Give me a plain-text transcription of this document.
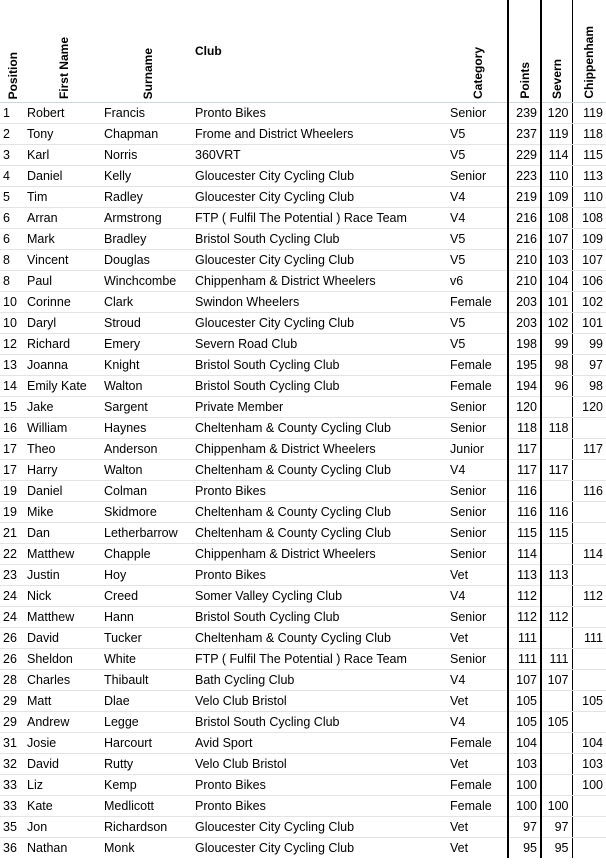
Position	First Name	Surname	Club	Category	Points	Severn	Chippenham
1	Robert	Francis	Pronto Bikes	Senior	239	120	119
2	Tony	Chapman	Frome and District Wheelers	V5	237	119	118
3	Karl	Norris	360VRT	V5	229	114	115
4	Daniel	Kelly	Gloucester City Cycling Club	Senior	223	110	113
5	Tim	Radley	Gloucester City Cycling Club	V4	219	109	110
6	Arran	Armstrong	FTP ( Fulfil The Potential ) Race Team	V4	216	108	108
6	Mark	Bradley	Bristol South Cycling Club	V5	216	107	109
8	Vincent	Douglas	Gloucester City Cycling Club	V5	210	103	107
8	Paul	Winchcombe	Chippenham & District Wheelers	v6	210	104	106
10	Corinne	Clark	Swindon Wheelers	Female	203	101	102
10	Daryl	Stroud	Gloucester City Cycling Club	V5	203	102	101
12	Richard	Emery	Severn Road Club	V5	198	99	99
13	Joanna	Knight	Bristol South Cycling Club	Female	195	98	97
14	Emily Kate	Walton	Bristol South Cycling Club	Female	194	96	98
15	Jake	Sargent	Private Member	Senior	120		120
16	William	Haynes	Cheltenham & County Cycling Club	Senior	118	118	
17	Theo	Anderson	Chippenham & District Wheelers	Junior	117		117
17	Harry	Walton	Cheltenham & County Cycling Club	V4	117	117	
19	Daniel	Colman	Pronto Bikes	Senior	116		116
19	Mike	Skidmore	Cheltenham & County Cycling Club	Senior	116	116	
21	Dan	Letherbarrow	Cheltenham & County Cycling Club	Senior	115	115	
22	Matthew	Chapple	Chippenham & District Wheelers	Senior	114		114
23	Justin	Hoy	Pronto Bikes	Vet	113	113	
24	Nick	Creed	Somer Valley Cycling Club	V4	112		112
24	Matthew	Hann	Bristol South Cycling Club	Senior	112	112	
26	David	Tucker	Cheltenham & County Cycling Club	Vet	111		111
26	Sheldon	White	FTP ( Fulfil The Potential ) Race Team	Senior	111	111	
28	Charles	Thibault	Bath Cycling Club	V4	107	107	
29	Matt	Dlae	Velo Club Bristol	Vet	105		105
29	Andrew	Legge	Bristol South Cycling Club	V4	105	105	
31	Josie	Harcourt	Avid Sport	Female	104		104
32	David	Rutty	Velo Club Bristol	Vet	103		103
33	Liz	Kemp	Pronto Bikes	Female	100		100
33	Kate	Medlicott	Pronto Bikes	Female	100	100	
35	Jon	Richardson	Gloucester City Cycling Club	Vet	97	97	
36	Nathan	Monk	Gloucester City Cycling Club	Vet	95	95	
